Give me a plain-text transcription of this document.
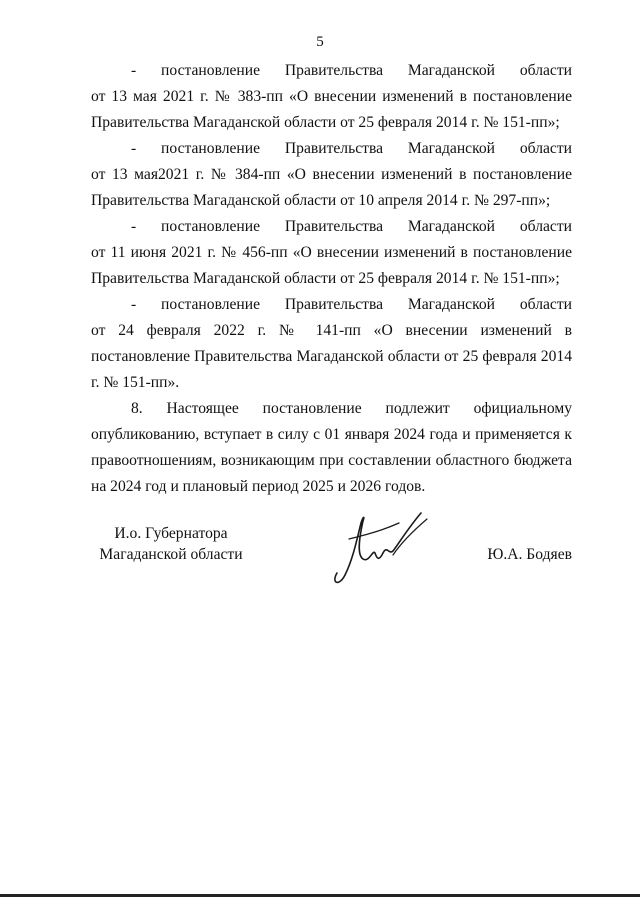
5

- постановление Правительства Магаданской области
от 13 мая 2021 г. № 383-пп «О внесении изменений в постановление Правительства Магаданской области от 25 февраля 2014 г. № 151-пп»;

- постановление Правительства Магаданской области
от 13 мая2021 г. № 384-пп «О внесении изменений в постановление Правительства Магаданской области от 10 апреля 2014 г. № 297-пп»;

- постановление Правительства Магаданской области
от 11 июня 2021 г. № 456-пп «О внесении изменений в постановление Правительства Магаданской области от 25 февраля 2014 г. № 151-пп»;

- постановление Правительства Магаданской области
от 24 февраля 2022 г. № 141-пп «О внесении изменений в постановление Правительства Магаданской области от 25 февраля 2014 г. № 151-пп».

8. Настоящее постановление подлежит официальному
опубликованию, вступает в силу с 01 января 2024 года и применяется к правоотношениям, возникающим при составлении областного бюджета на 2024 год и плановый период 2025 и 2026 годов.

И.о. Губернатора
Магаданской области	Ю.А. Бодяев
